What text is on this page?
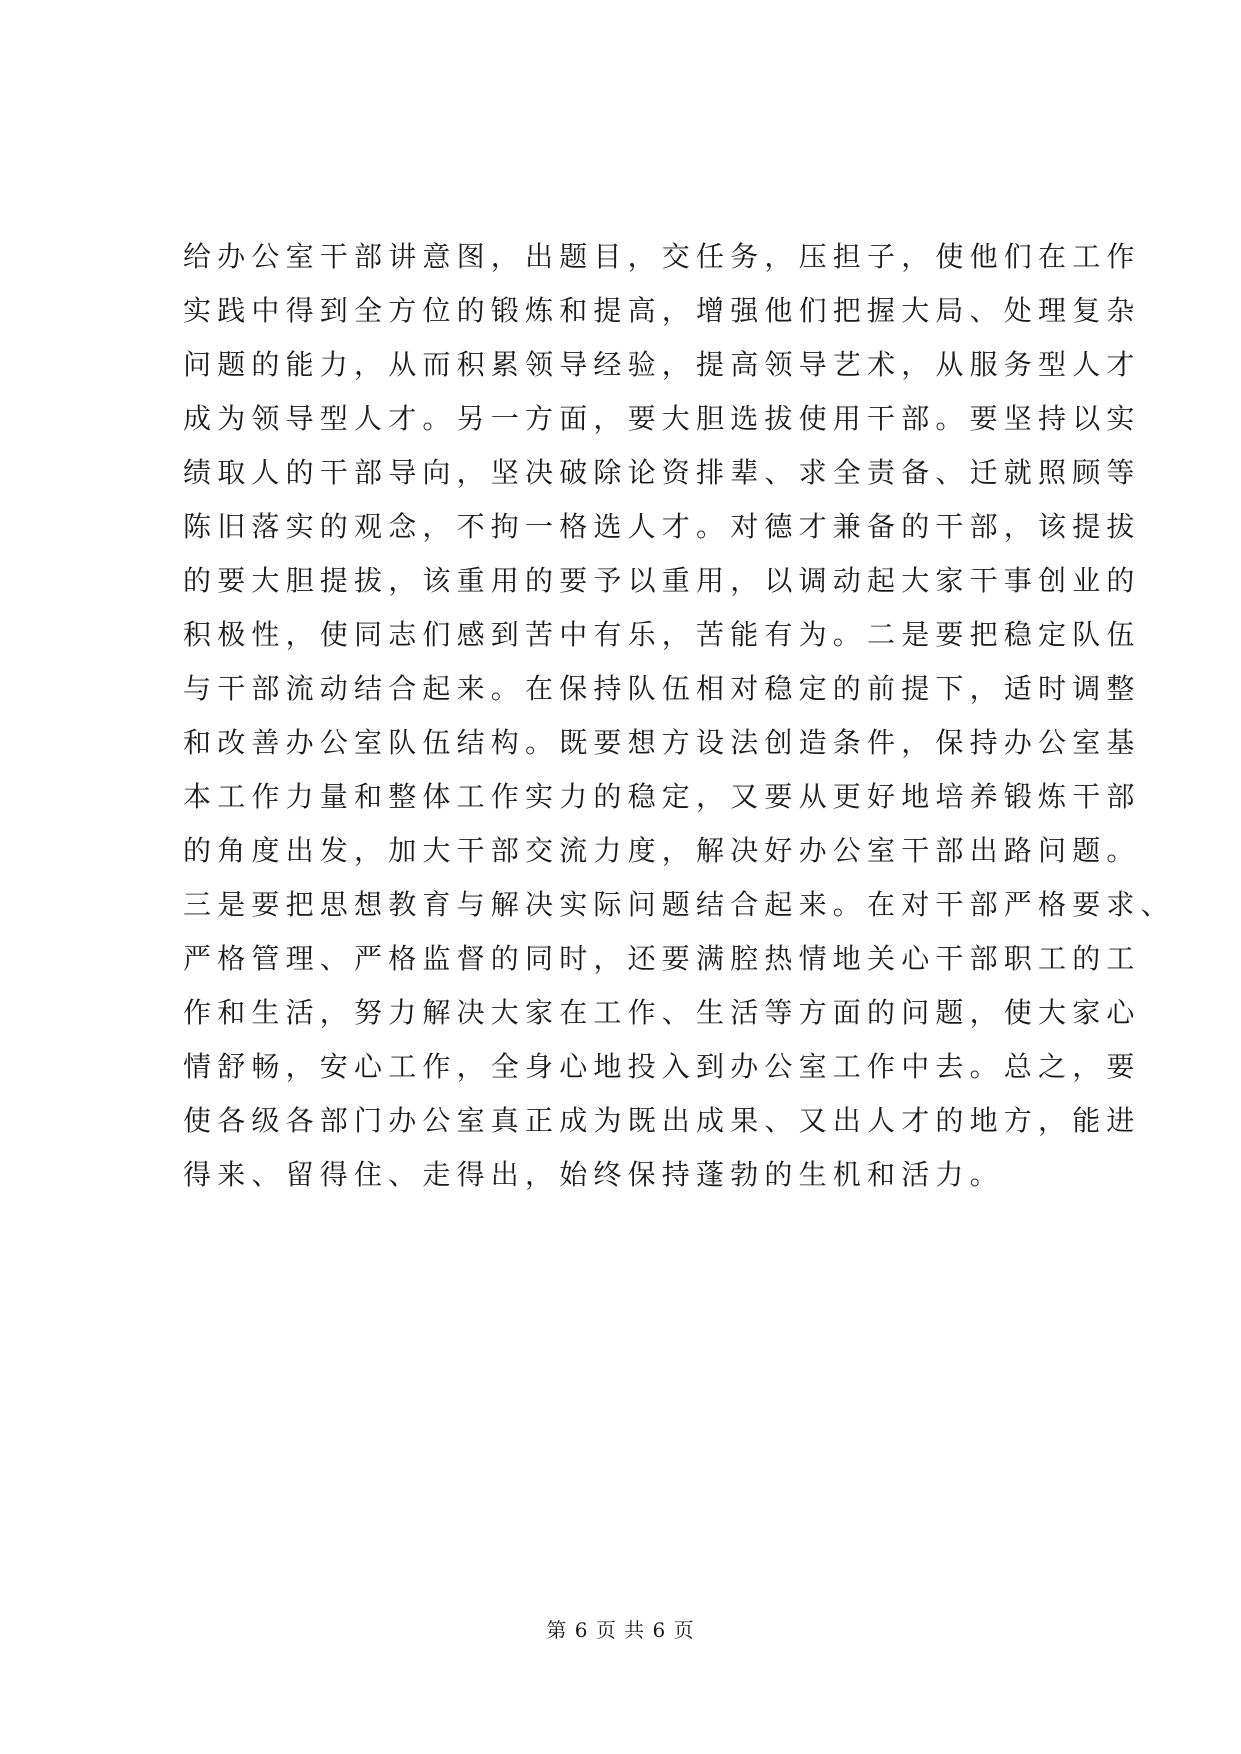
给办公室干部讲意图，出题目，交任务，压担子，使他们在工作
实践中得到全方位的锻炼和提高，增强他们把握大局、处理复杂
问题的能力，从而积累领导经验，提高领导艺术，从服务型人才
成为领导型人才。另一方面，要大胆选拔使用干部。要坚持以实
绩取人的干部导向，坚决破除论资排辈、求全责备、迁就照顾等
陈旧落实的观念，不拘一格选人才。对德才兼备的干部，该提拔
的要大胆提拔，该重用的要予以重用，以调动起大家干事创业的
积极性，使同志们感到苦中有乐，苦能有为。二是要把稳定队伍
与干部流动结合起来。在保持队伍相对稳定的前提下，适时调整
和改善办公室队伍结构。既要想方设法创造条件，保持办公室基
本工作力量和整体工作实力的稳定，又要从更好地培养锻炼干部
的角度出发，加大干部交流力度，解决好办公室干部出路问题。
三是要把思想教育与解决实际问题结合起来。在对干部严格要求、
严格管理、严格监督的同时，还要满腔热情地关心干部职工的工
作和生活，努力解决大家在工作、生活等方面的问题，使大家心
情舒畅，安心工作，全身心地投入到办公室工作中去。总之，要
使各级各部门办公室真正成为既出成果、又出人才的地方，能进
得来、留得住、走得出，始终保持蓬勃的生机和活力。
第 6 页 共 6 页
